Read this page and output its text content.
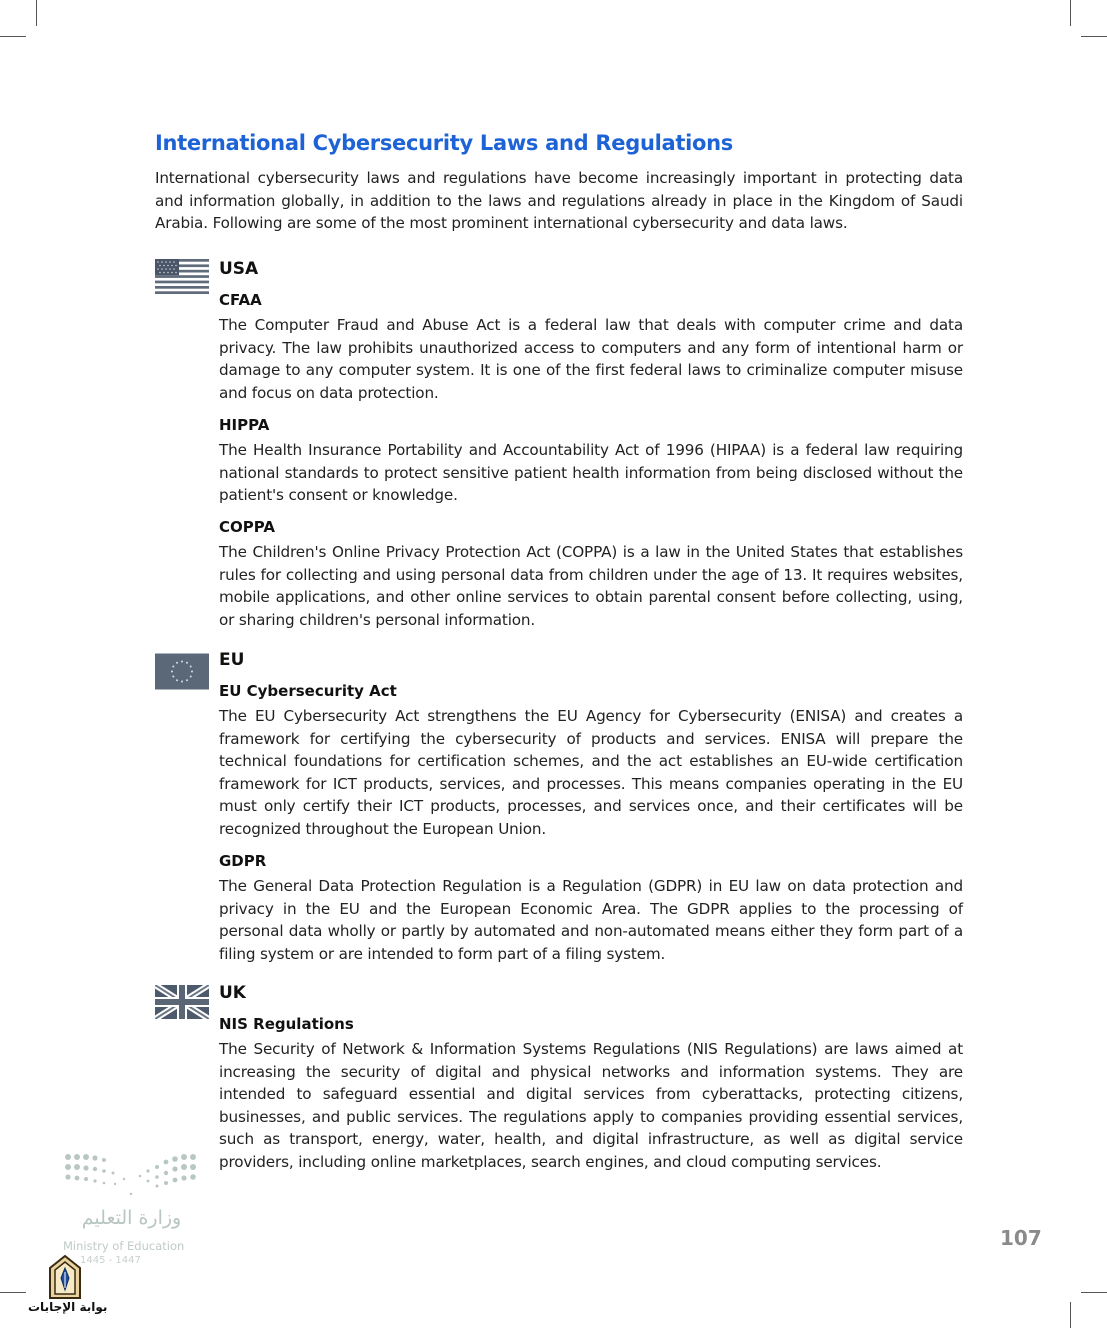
International Cybersecurity Laws and Regulations

International cybersecurity laws and regulations have become increasingly important in protecting data and information globally, in addition to the laws and regulations already in place in the Kingdom of Saudi Arabia. Following are some of the most prominent international cybersecurity and data laws.

USA
CFAA

The Computer Fraud and Abuse Act is a federal law that deals with computer crime and data privacy. The law prohibits unauthorized access to computers and any form of intentional harm or damage to any computer system. It is one of the first federal laws to criminalize computer misuse and focus on data protection.

HIPPA

The Health Insurance Portability and Accountability Act of 1996 (HIPAA) is a federal law requiring national standards to protect sensitive patient health information from being disclosed without the patient's consent or knowledge.

COPPA

The Children's Online Privacy Protection Act (COPPA) is a law in the United States that establishes rules for collecting and using personal data from children under the age of 13. It requires websites, mobile applications, and other online services to obtain parental consent before collecting, using, or sharing children's personal information.

EU
EU Cybersecurity Act

The EU Cybersecurity Act strengthens the EU Agency for Cybersecurity (ENISA) and creates a framework for certifying the cybersecurity of products and services. ENISA will prepare the technical foundations for certification schemes, and the act establishes an EU-wide certification framework for ICT products, services, and processes. This means companies operating in the EU must only certify their ICT products, processes, and services once, and their certificates will be recognized throughout the European Union.

GDPR

The General Data Protection Regulation is a Regulation (GDPR) in EU law on data protection and privacy in the EU and the European Economic Area. The GDPR applies to the processing of personal data wholly or partly by automated and non-automated means either they form part of a filing system or are intended to form part of a filing system.

UK
NIS Regulations

The Security of Network & Information Systems Regulations (NIS Regulations) are laws aimed at increasing the security of digital and physical networks and information systems. They are intended to safeguard essential and digital services from cyberattacks, protecting citizens, businesses, and public services. The regulations apply to companies providing essential services, such as transport, energy, water, health, and digital infrastructure, as well as digital service providers, including online marketplaces, search engines, and cloud computing services.

وزارة التعليم
Ministry of Education
1445 - 1447
بوابة الإجابات
107
